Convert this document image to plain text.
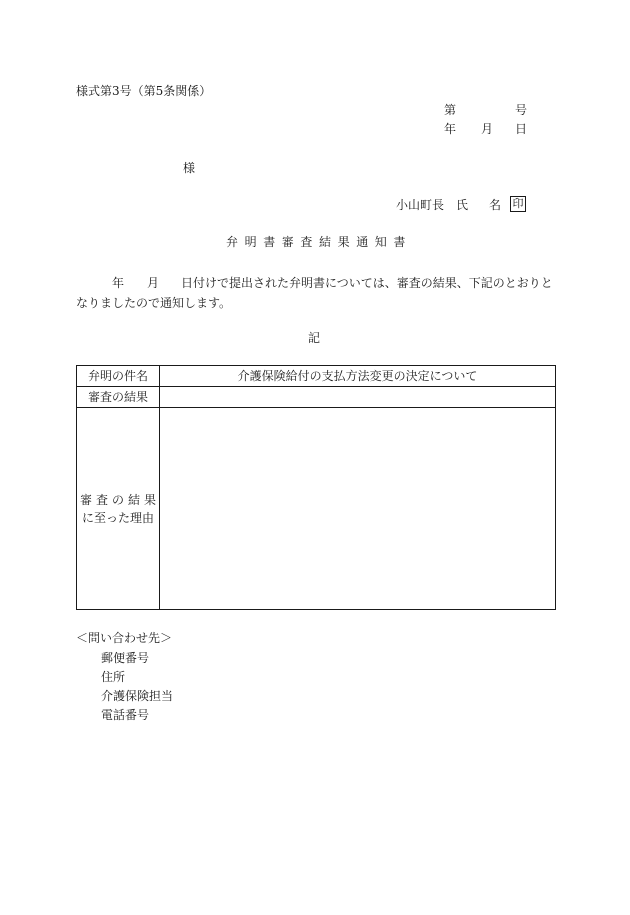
様式第3号（第5条関係）
第	号
年 月 日
様
小山町長 氏 名 印
弁明書審査結果通知書
年 月 日付けで提出された弁明書については、審査の結果、下記のとおりとなりましたので通知します。
記
弁明の件名	介護保険給付の支払方法変更の決定について
審査の結果	

審査の結果
に至った理由	

＜問い合わせ先＞
郵便番号
住所
介護保険担当
電話番号
